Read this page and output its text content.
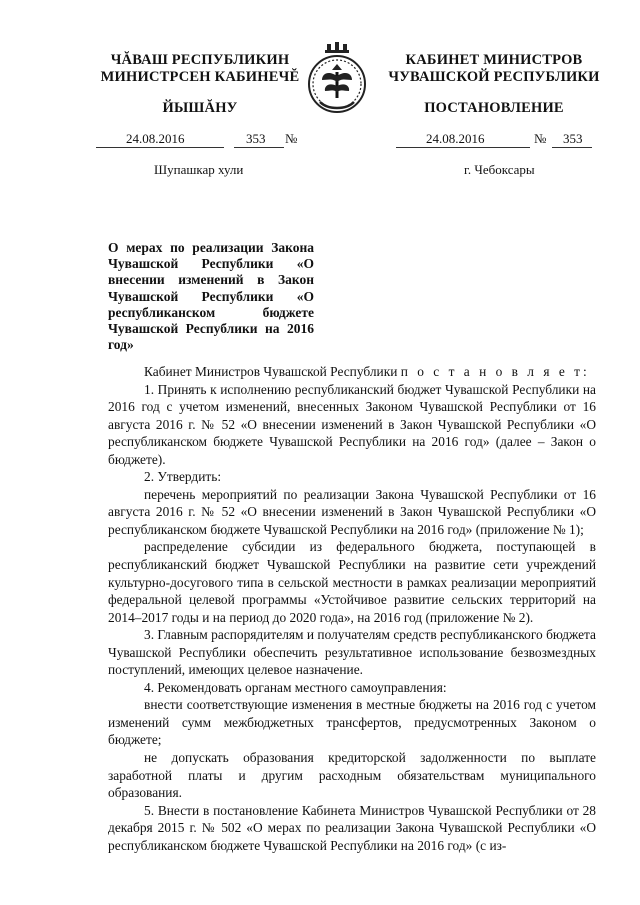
ЧĂВАШ РЕСПУБЛИКИН
МИНИСТРСЕН КАБИНЕЧĔ
ЙЫШĂНУ
КАБИНЕТ МИНИСТРОВ
ЧУВАШСКОЙ РЕСПУБЛИКИ
ПОСТАНОВЛЕНИЕ
24.08.2016	353 №	24.08.2016	№ 353
Шупашкар хули	г. Чебоксары
О мерах по реализации Закона Чувашской Республики «О внесении изменений в Закон Чувашской Республики «О республиканском бюджете Чувашской Республики на 2016 год»

Кабинет Министров Чувашской Республики п о с т а н о в л я е т:

1. Принять к исполнению республиканский бюджет Чувашской Республики на 2016 год с учетом изменений, внесенных Законом Чувашской Республики от 16 августа 2016 г. № 52 «О внесении изменений в Закон Чувашской Республики «О республиканском бюджете Чувашской Республики на 2016 год» (далее – Закон о бюджете).

2. Утвердить:

перечень мероприятий по реализации Закона Чувашской Республики от 16 августа 2016 г. № 52 «О внесении изменений в Закон Чувашской Республики «О республиканском бюджете Чувашской Республики на 2016 год» (приложение № 1);

распределение субсидии из федерального бюджета, поступающей в республиканский бюджет Чувашской Республики на развитие сети учреждений культурно-досугового типа в сельской местности в рамках реализации мероприятий федеральной целевой программы «Устойчивое развитие сельских территорий на 2014–2017 годы и на период до 2020 года», на 2016 год (приложение № 2).

3. Главным распорядителям и получателям средств республиканского бюджета Чувашской Республики обеспечить результативное использование безвозмездных поступлений, имеющих целевое назначение.

4. Рекомендовать органам местного самоуправления:

внести соответствующие изменения в местные бюджеты на 2016 год с учетом изменений сумм межбюджетных трансфертов, предусмотренных Законом о бюджете;

не допускать образования кредиторской задолженности по выплате заработной платы и другим расходным обязательствам муниципального образования.

5. Внести в постановление Кабинета Министров Чувашской Республики от 28 декабря 2015 г. № 502 «О мерах по реализации Закона Чувашской Республики «О республиканском бюджете Чувашской Республики на 2016 год» (с из-
